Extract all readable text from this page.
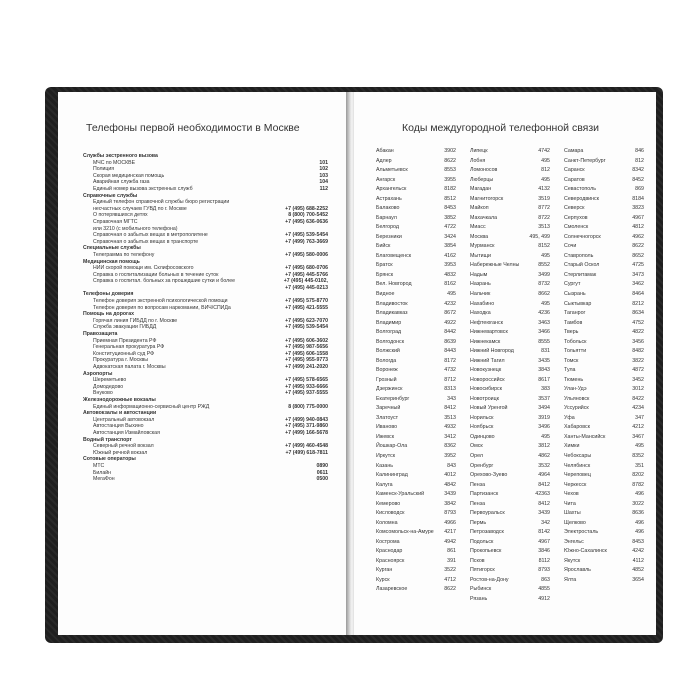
Телефоны первой необходимости в Москве
Службы экстренного вызова
МЧС по МОСКВЕ	101
Полиция	102
Скорая медицинская помощь	103
Аварийная служба газа	104
Единый номер вызова экстренных служб	112
Справочные службы
Единый телефон справочной службы бюро регистрации
несчастных случаев ГУВД по г. Москве	+7 (495) 688-2252
О потерявшихся детях	8 (800) 700-5452
Справочная МГТС	+7 (495) 636-0636
или 3210 (с мобильного телефона)
Справочная о забытых вещах в метрополитене	+7 (495) 539-5454
Справочная о забытых вещах в транспорте	+7 (499) 763-3669
Специальные службы
Телеграмма по телефону	+7 (495) 580-0006
Медицинская помощь
НИИ скорой помощи им. Склифосовского	+7 (495) 680-0706
Справка о госпитализации больных в течение суток	+7 (495) 445-5766
Справка о госпитал. больных за прошедшие сутки и более	+7 (495) 445-0102,
+7 (495) 445-0213
Телефоны доверия
Телефон доверия экстренной психологической помощи	+7 (495) 575-8770
Телефон доверия по вопросам наркомании, ВИЧ/СПИДа	+7 (495) 421-5555
Помощь на дорогах
Горячая линия ГИБДД по г. Москве	+7 (495) 623-7070
Служба эвакуации ГИБДД	+7 (495) 539-5454
Правозащита
Приемная Президента РФ	+7 (495) 606-3602
Генеральная прокуратура РФ	+7 (495) 987-5656
Конституционный суд РФ	+7 (495) 606-1558
Прокуратура г. Москвы	+7 (495) 955-9773
Адвокатская палата г. Москвы	+7 (499) 241-2020
Аэропорты
Шереметьево	+7 (495) 578-6565
Домодедово	+7 (495) 933-6666
Внуково	+7 (495) 937-5555
Железнодорожные вокзалы
Единый информационно-сервисный центр РЖД	8 (800) 775-0000
Автовокзалы и автостанции
Центральный автовокзал	+7 (499) 940-0843
Автостанция Выхино	+7 (495) 371-9860
Автостанция Измайловская	+7 (499) 166-5678
Водный транспорт
Северный речной вокзал	+7 (499) 460-4548
Южный речной вокзал	+7 (499) 618-7811
Сотовые операторы
МТС	0890
Билайн	0611
МегаФон	0500
Коды междугородной телефонной связи
Абакан	3902
Адлер	8622
Альметьевск	8553
Ангарск	3955
Архангельск	8182
Астрахань	8512
Балаково	8453
Барнаул	3852
Белгород	4722
Березники	3424
Бийск	3854
Благовещенск	4162
Братск	3953
Брянск	4832
Вел. Новгород	8162
Видное	495
Владивосток	4232
Владикавказ	8672
Владимир	4922
Волгоград	8442
Волгодонск	8639
Волжский	8443
Вологда	8172
Воронеж	4732
Грозный	8712
Дзержинск	8313
Екатеринбург	343
Заречный	8412
Златоуст	3513
Иваново	4932
Ижевск	3412
Йошкар-Ола	8362
Иркутск	3952
Казань	843
Калининград	4012
Калуга	4842
Каменск-Уральский	3439
Кемерово	3842
Кисловодск	8793
Коломна	4966
Комсомольск-на-Амуре 4217
Кострома	4942
Краснодар	861
Красноярск	391
Курган	3522
Курск	4712
Лазаревское	8622
Липецк	4742
Лобня	495
Ломоносов	812
Люберцы	495
Магадан	4132
Магнитогорск	3519
Майкоп	8772
Махачкала	8722
Миасс	3513
Москва	495, 499
Мурманск	8152
Мытищи	495
Набережные Челны	8552
Надым	3499
Назрань	8732
Нальчик	8662
Нахабино	495
Находка	4236
Нефтеюганск	3463
Нижневартовск	3466
Нижнекамск	8555
Нижний Новгород	831
Нижний Тагил	3435
Новокузнецк	3843
Новороссийск	8617
Новосибирск	383
Новотроицк	3537
Новый Уренгой	3494
Норильск	3919
Ноябрьск	3496
Одинцово	495
Омск	3812
Орел	4862
Оренбург	3532
Орехово-Зуево	4964
Пенза	8412
Партизанск	42363
Пенза	8412
Первоуральск	3439
Пермь	342
Петрозаводск	8142
Подольск	4967
Прокопьевск	3846
Псков	8112
Пятигорск	8793
Ростов-на-Дону	863
Рыбинск	4855
Рязань	4912
Самара	846
Санкт-Петербург	812
Саранск	8342
Саратов	8452
Севастополь	869
Северодвинск	8184
Северск	3823
Серпухов	4967
Смоленск	4812
Солнечногорск	4962
Сочи	8622
Ставрополь	8652
Старый Оскол	4725
Стерлитамак	3473
Сургут	3462
Сызрань	8464
Сыктывкар	8212
Таганрог	8634
Тамбов	4752
Тверь	4822
Тобольск	3456
Тольятти	8482
Томск	3822
Тула	4872
Тюмень	3452
Улан-Удэ	3012
Ульяновск	8422
Уссурийск	4234
Уфа	347
Хабаровск	4212
Ханты-Мансийск	3467
Химки	495
Чебоксары	8352
Челябинск	351
Череповец	8202
Черкесск	8782
Чехов	496
Чита	3022
Шахты	8636
Щелково	496
Электросталь	496
Энгельс	8453
Южно-Сахалинск	4242
Якутск	4112
Ярославль	4852
Ялта	3654
